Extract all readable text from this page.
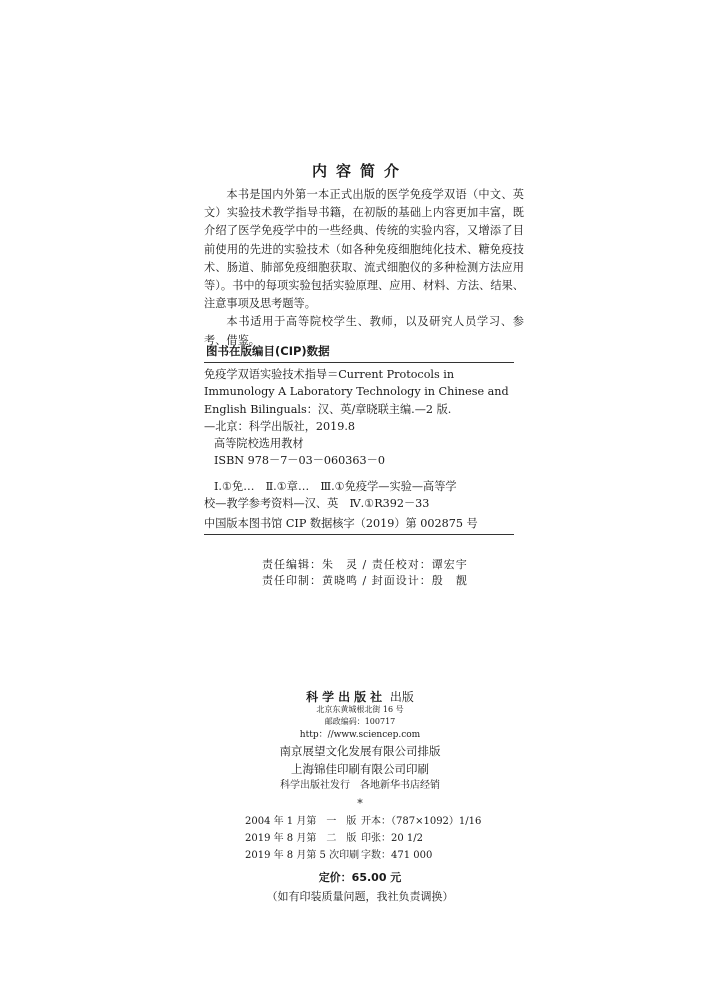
内容简介

本书是国内外第一本正式出版的医学免疫学双语（中文、英文）实验技术教学指导书籍，在初版的基础上内容更加丰富，既介绍了医学免疫学中的一些经典、传统的实验内容，又增添了目前使用的先进的实验技术（如各种免疫细胞纯化技术、糖免疫技术、肠道、肺部免疫细胞获取、流式细胞仪的多种检测方法应用等）。书中的每项实验包括实验原理、应用、材料、方法、结果、注意事项及思考题等。

本书适用于高等院校学生、教师，以及研究人员学习、参考、借鉴。

图书在版编目(CIP)数据
免疫学双语实验技术指导＝Current Protocols in
Immunology A Laboratory Technology in Chinese and
English Bilinguals：汉、英/章晓联主编.—2 版.
—北京：科学出版社，2019.8
高等院校选用教材
ISBN 978－7－03－060363－0
Ⅰ.①免…　Ⅱ.①章…　Ⅲ.①免疫学—实验—高等学
校—教学参考资料—汉、英　Ⅳ.①R392－33
中国版本图书馆 CIP 数据核字（2019）第 002875 号
责任编辑：朱　灵 / 责任校对：谭宏宇
责任印制：黄晓鸣 / 封面设计：殷　靓
科学出版社 出版
北京东黄城根北街 16 号
邮政编码：100717
http：//www.sciencep.com
南京展望文化发展有限公司排版
上海锦佳印刷有限公司印刷
科学出版社发行　各地新华书店经销
*
2004 年 1 月第　一　版 开本：（787×1092）1/16
2019 年 8 月第　二　版 印张：20 1/2
2019 年 8 月第 5 次印刷 字数：471 000
定价：65.00 元
（如有印装质量问题，我社负责调换）
